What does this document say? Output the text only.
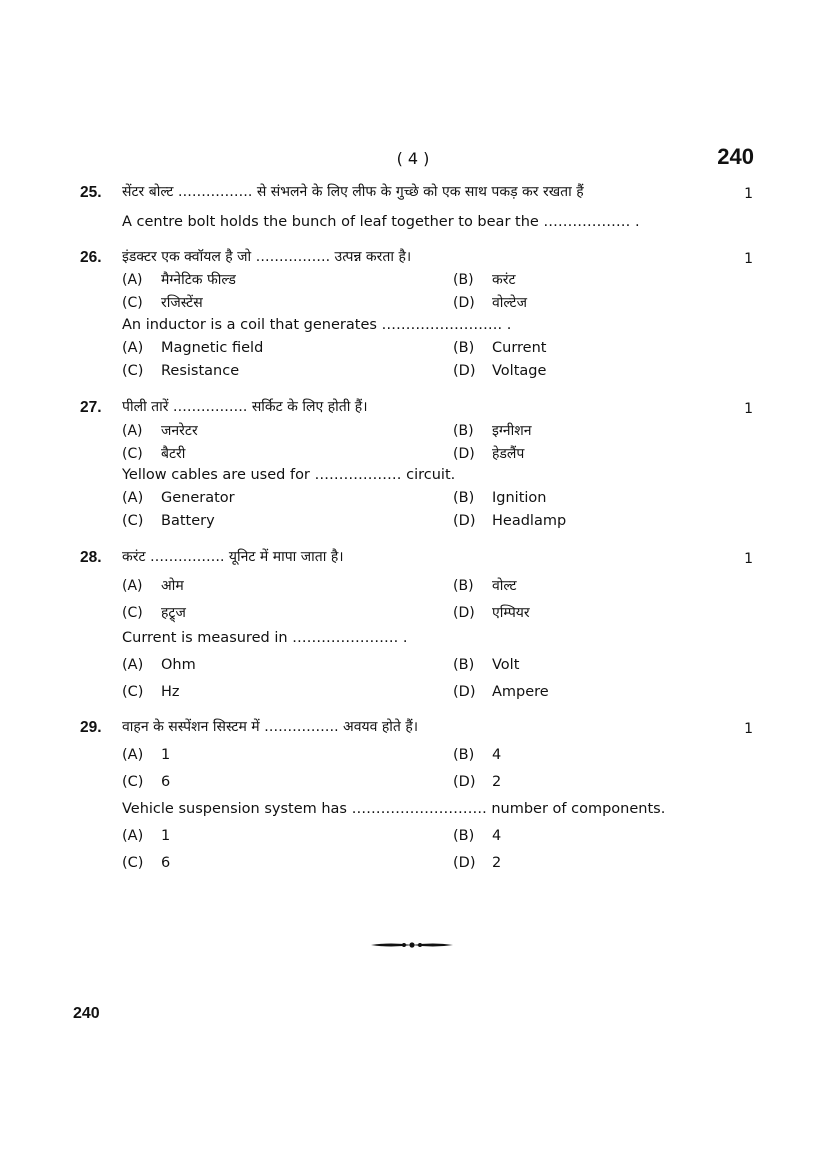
( 4 )	240
25. सेंटर बोल्ट ……………. से संभलने के लिए लीफ के गुच्छे को एक साथ पकड़ कर रखता हैं	1
A centre bolt holds the bunch of leaf together to bear the ……………… .
26. इंडक्टर एक क्वॉयल है जो ……………. उत्पन्न करता है।	1
(A) मैग्नेटिक फील्ड	(B) करंट
(C) रजिस्टेंस	(D) वोल्टेज
An inductor is a coil that generates ……………………. .
(A) Magnetic field	(B) Current
(C) Resistance	(D) Voltage
27. पीली तारें ……………. सर्किट के लिए होती हैं।	1
(A) जनरेटर	(B) इग्नीशन
(C) बैटरी	(D) हेडलैंप
Yellow cables are used for ……………… circuit.
(A) Generator	(B) Ignition
(C) Battery	(D) Headlamp
28. करंट ……………. यूनिट में मापा जाता है।	1
(A) ओम	(B) वोल्ट
(C) हट्र्ज	(D) एम्पियर
Current is measured in …………………. .
(A) Ohm	(B) Volt
(C) Hz	(D) Ampere
29. वाहन के सस्पेंशन सिस्टम में ……………. अवयव होते हैं।	1
(A) 1	(B) 4
(C) 6	(D) 2
Vehicle suspension system has ………………………. number of components.
(A) 1	(B) 4
(C) 6	(D) 2
240
